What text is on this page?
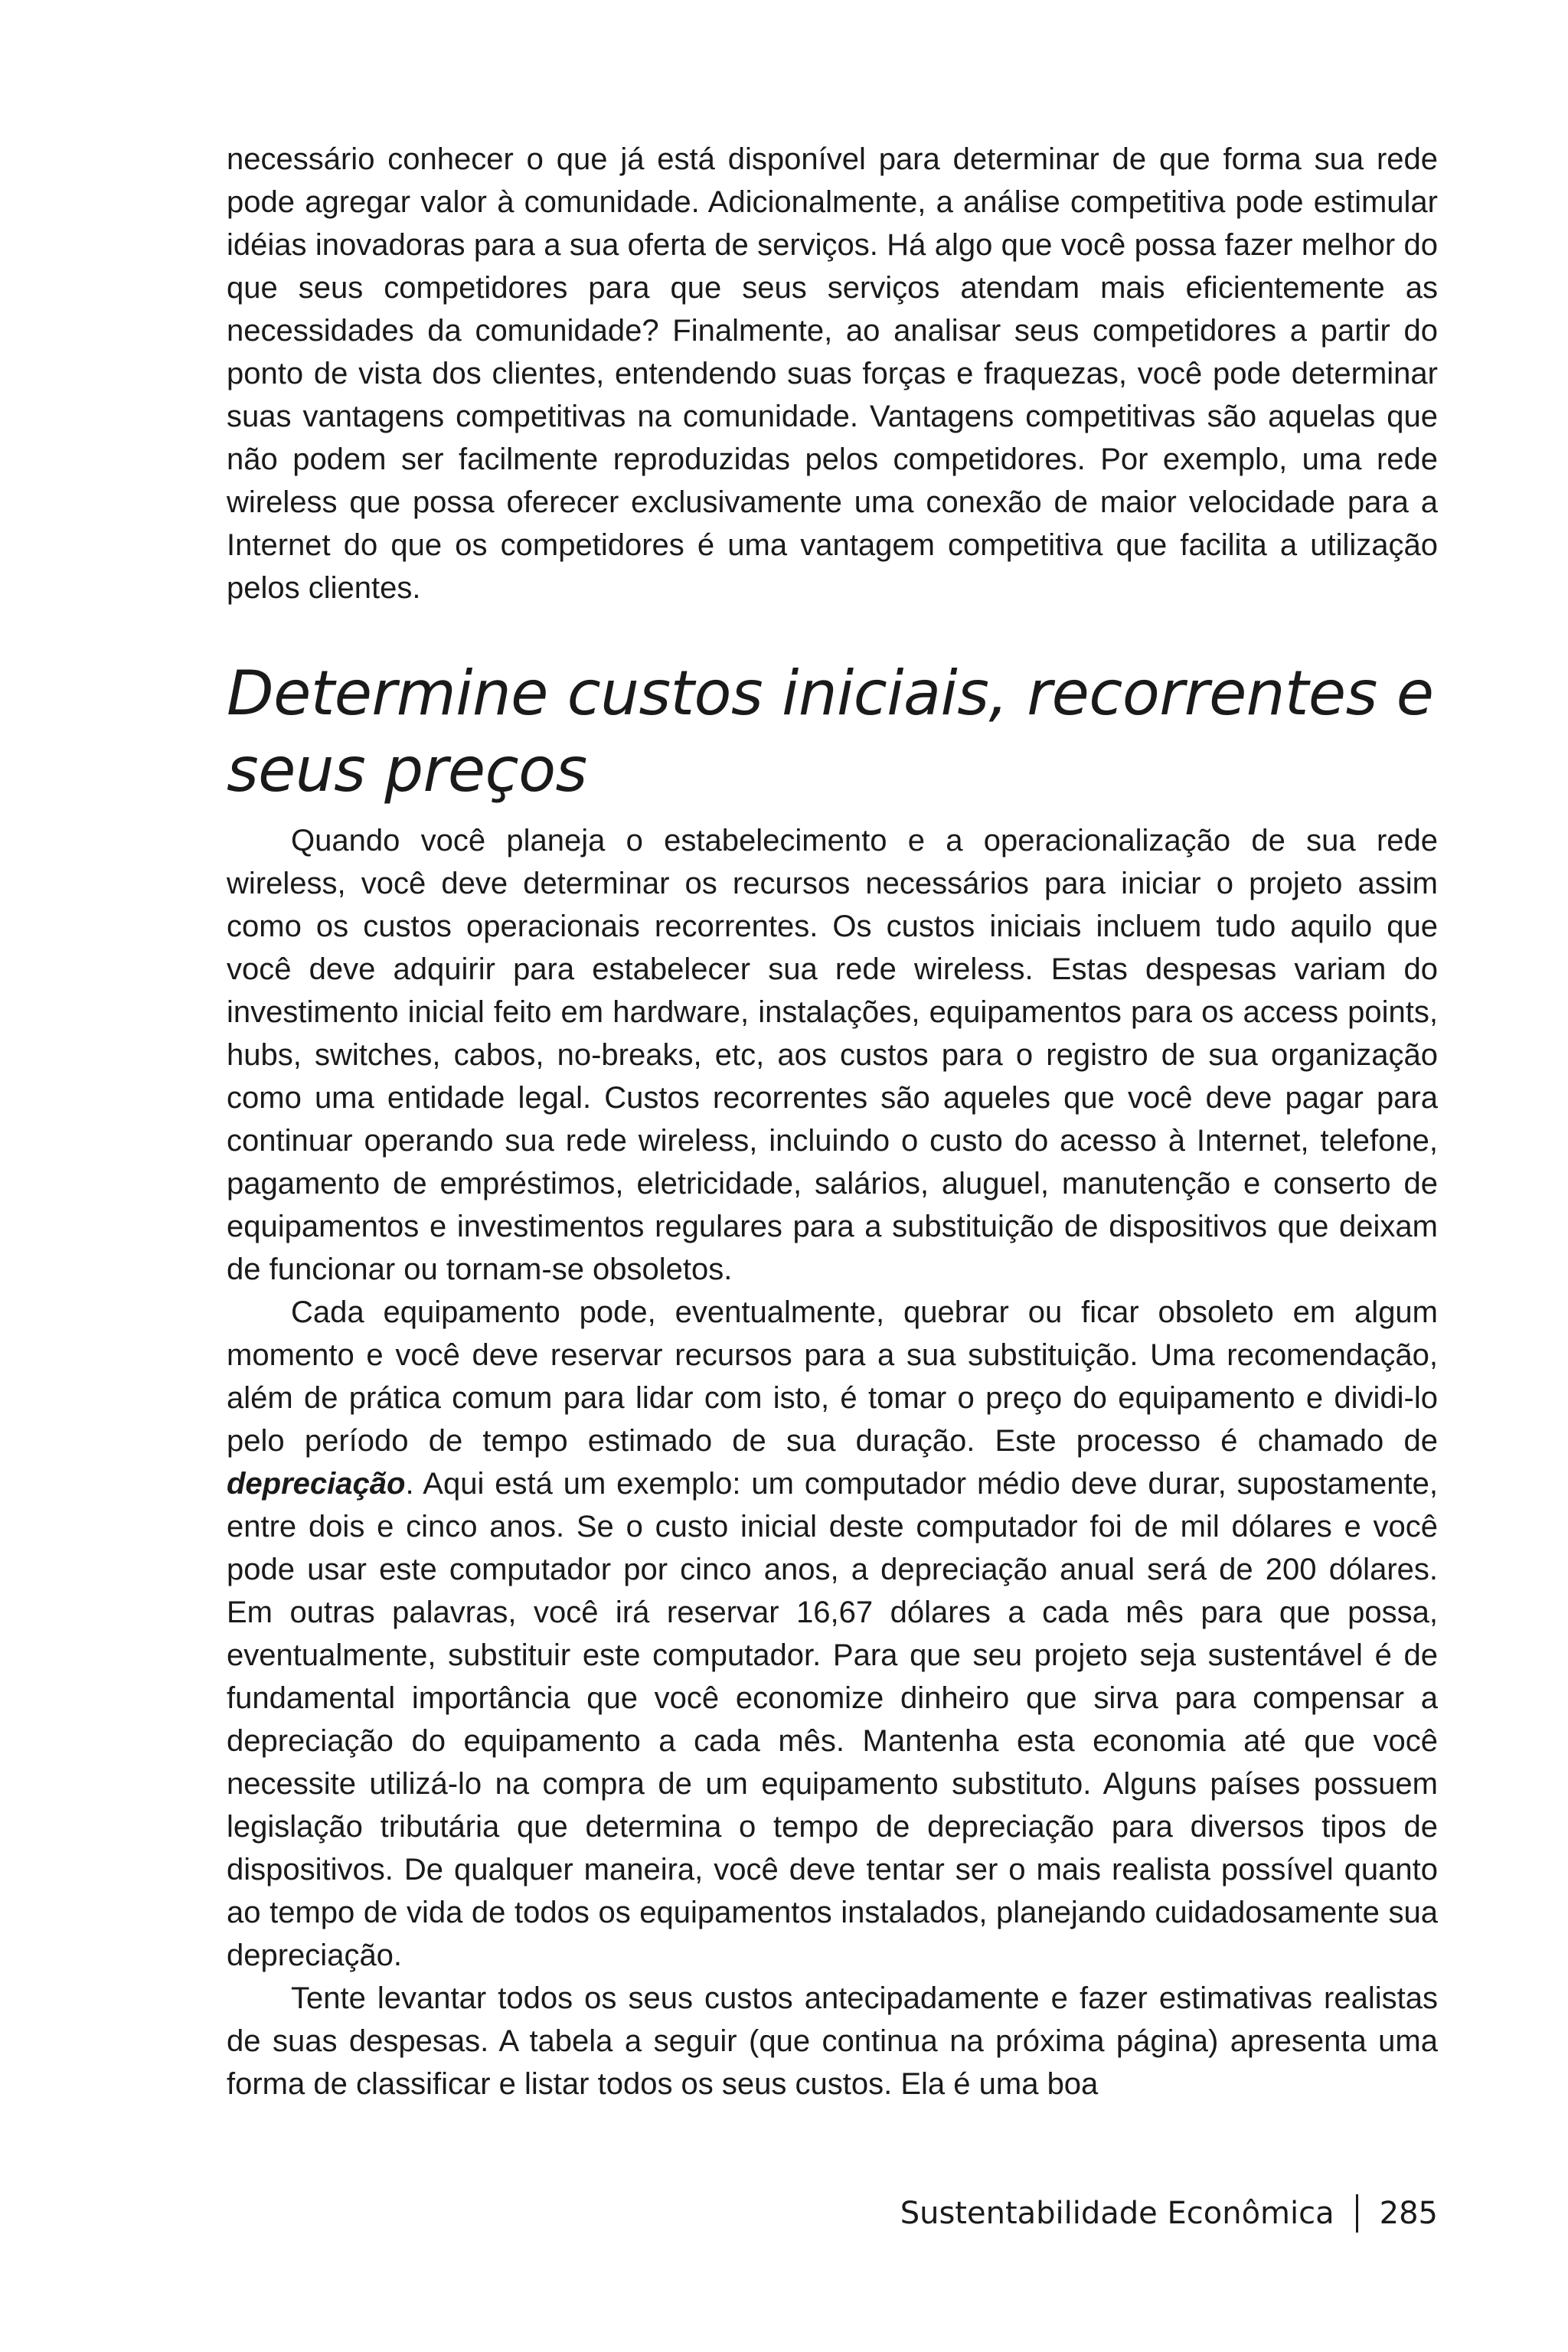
necessário conhecer o que já está disponível para determinar de que forma sua rede pode agregar valor à comunidade. Adicionalmente, a análise competitiva pode estimular idéias inovadoras para a sua oferta de serviços. Há algo que você possa fazer melhor do que seus competidores para que seus serviços atendam mais eficientemente as necessidades da comunidade? Finalmente, ao analisar seus competidores a partir do ponto de vista dos clientes, entendendo suas forças e fraquezas, você pode determinar suas vantagens competitivas na comunidade. Vantagens competitivas são aquelas que não podem ser facilmente reproduzidas pelos competidores. Por exemplo, uma rede wireless que possa oferecer exclusivamente uma conexão de maior velocidade para a Internet do que os competidores é uma vantagem competitiva que facilita a utilização pelos clientes.

Determine custos iniciais, recorrentes e seus preços

Quando você planeja o estabelecimento e a operacionalização de sua rede wireless, você deve determinar os recursos necessários para iniciar o projeto assim como os custos operacionais recorrentes. Os custos iniciais incluem tudo aquilo que você deve adquirir para estabelecer sua rede wireless. Estas despesas variam do investimento inicial feito em hardware, instalações, equipamentos para os access points, hubs, switches, cabos, no-breaks, etc, aos custos para o registro de sua organização como uma entidade legal. Custos recorrentes são aqueles que você deve pagar para continuar operando sua rede wireless, incluindo o custo do acesso à Internet, telefone, pagamento de empréstimos, eletricidade, salários, aluguel, manutenção e conserto de equipamentos e investimentos regulares para a substituição de dispositivos que deixam de funcionar ou tornam-se obsoletos.

Cada equipamento pode, eventualmente, quebrar ou ficar obsoleto em algum momento e você deve reservar recursos para a sua substituição. Uma recomendação, além de prática comum para lidar com isto, é tomar o preço do equipamento e dividi-lo pelo período de tempo estimado de sua duração. Este processo é chamado de depreciação. Aqui está um exemplo: um computador médio deve durar, supostamente, entre dois e cinco anos. Se o custo inicial deste computador foi de mil dólares e você pode usar este computador por cinco anos, a depreciação anual será de 200 dólares. Em outras palavras, você irá reservar 16,67 dólares a cada mês para que possa, eventualmente, substituir este computador. Para que seu projeto seja sustentável é de fundamental importância que você economize dinheiro que sirva para compensar a depreciação do equipamento a cada mês. Mantenha esta economia até que você necessite utilizá-lo na compra de um equipamento substituto. Alguns países possuem legislação tributária que determina o tempo de depreciação para diversos tipos de dispositivos. De qualquer maneira, você deve tentar ser o mais realista possível quanto ao tempo de vida de todos os equipamentos instalados, planejando cuidadosamente sua depreciação.

Tente levantar todos os seus custos antecipadamente e fazer estimativas realistas de suas despesas. A tabela a seguir (que continua na próxima página) apresenta uma forma de classificar e listar todos os seus custos. Ela é uma boa

Sustentabilidade Econômica 285
